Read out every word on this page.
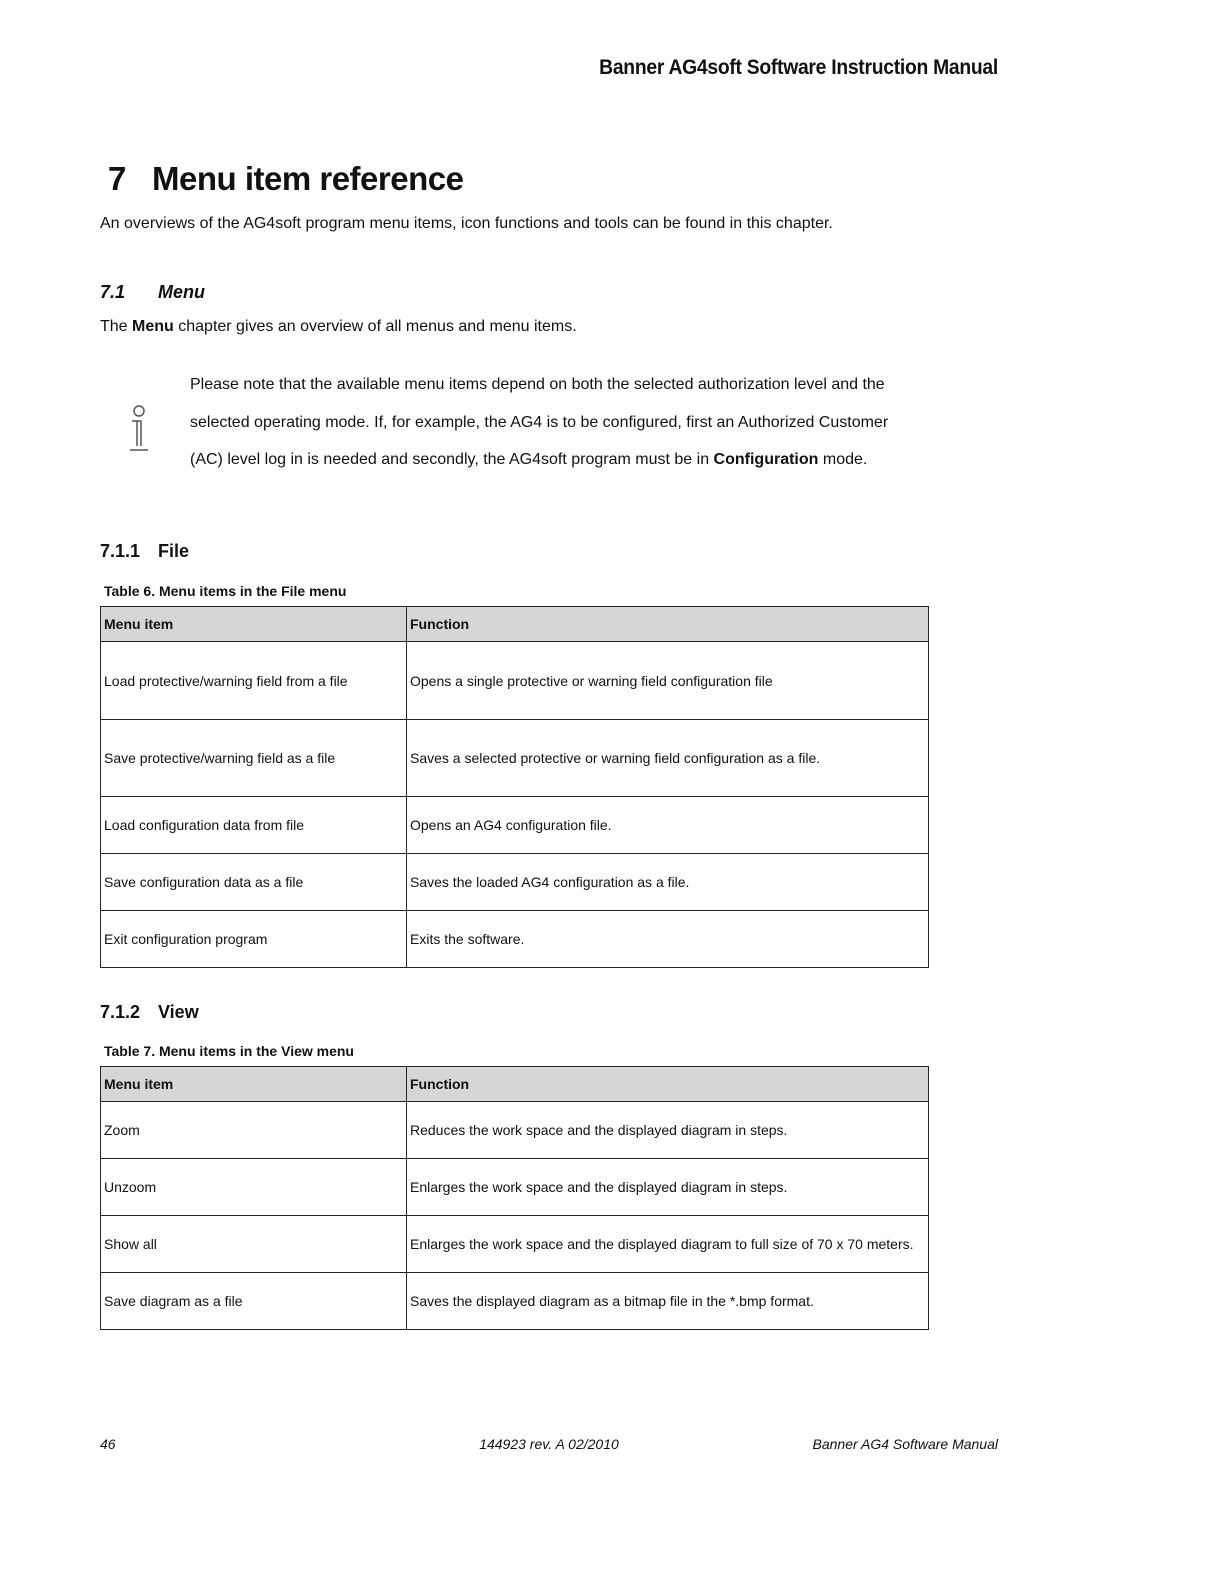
Banner AG4soft Software Instruction Manual
7 Menu item reference
An overviews of the AG4soft program menu items, icon functions and tools can be found in this chapter.
7.1 Menu
The Menu chapter gives an overview of all menus and menu items.
Please note that the available menu items depend on both the selected authorization level and the selected operating mode. If, for example, the AG4 is to be configured, first an Authorized Customer (AC) level log in is needed and secondly, the AG4soft program must be in Configuration mode.
7.1.1 File
Table 6. Menu items in the File menu
Menu item	Function
Load protective/warning field from a file	Opens a single protective or warning field configuration file
Save protective/warning field as a file	Saves a selected protective or warning field configuration as a file.
Load configuration data from file	Opens an AG4 configuration file.
Save configuration data as a file	Saves the loaded AG4 configuration as a file.
Exit configuration program	Exits the software.
7.1.2 View
Table 7. Menu items in the View menu
Menu item	Function
Zoom	Reduces the work space and the displayed diagram in steps.
Unzoom	Enlarges the work space and the displayed diagram in steps.
Show all	Enlarges the work space and the displayed diagram to full size of 70 x 70 meters.
Save diagram as a file	Saves the displayed diagram as a bitmap file in the *.bmp format.
46	144923 rev. A 02/2010	Banner AG4 Software Manual
